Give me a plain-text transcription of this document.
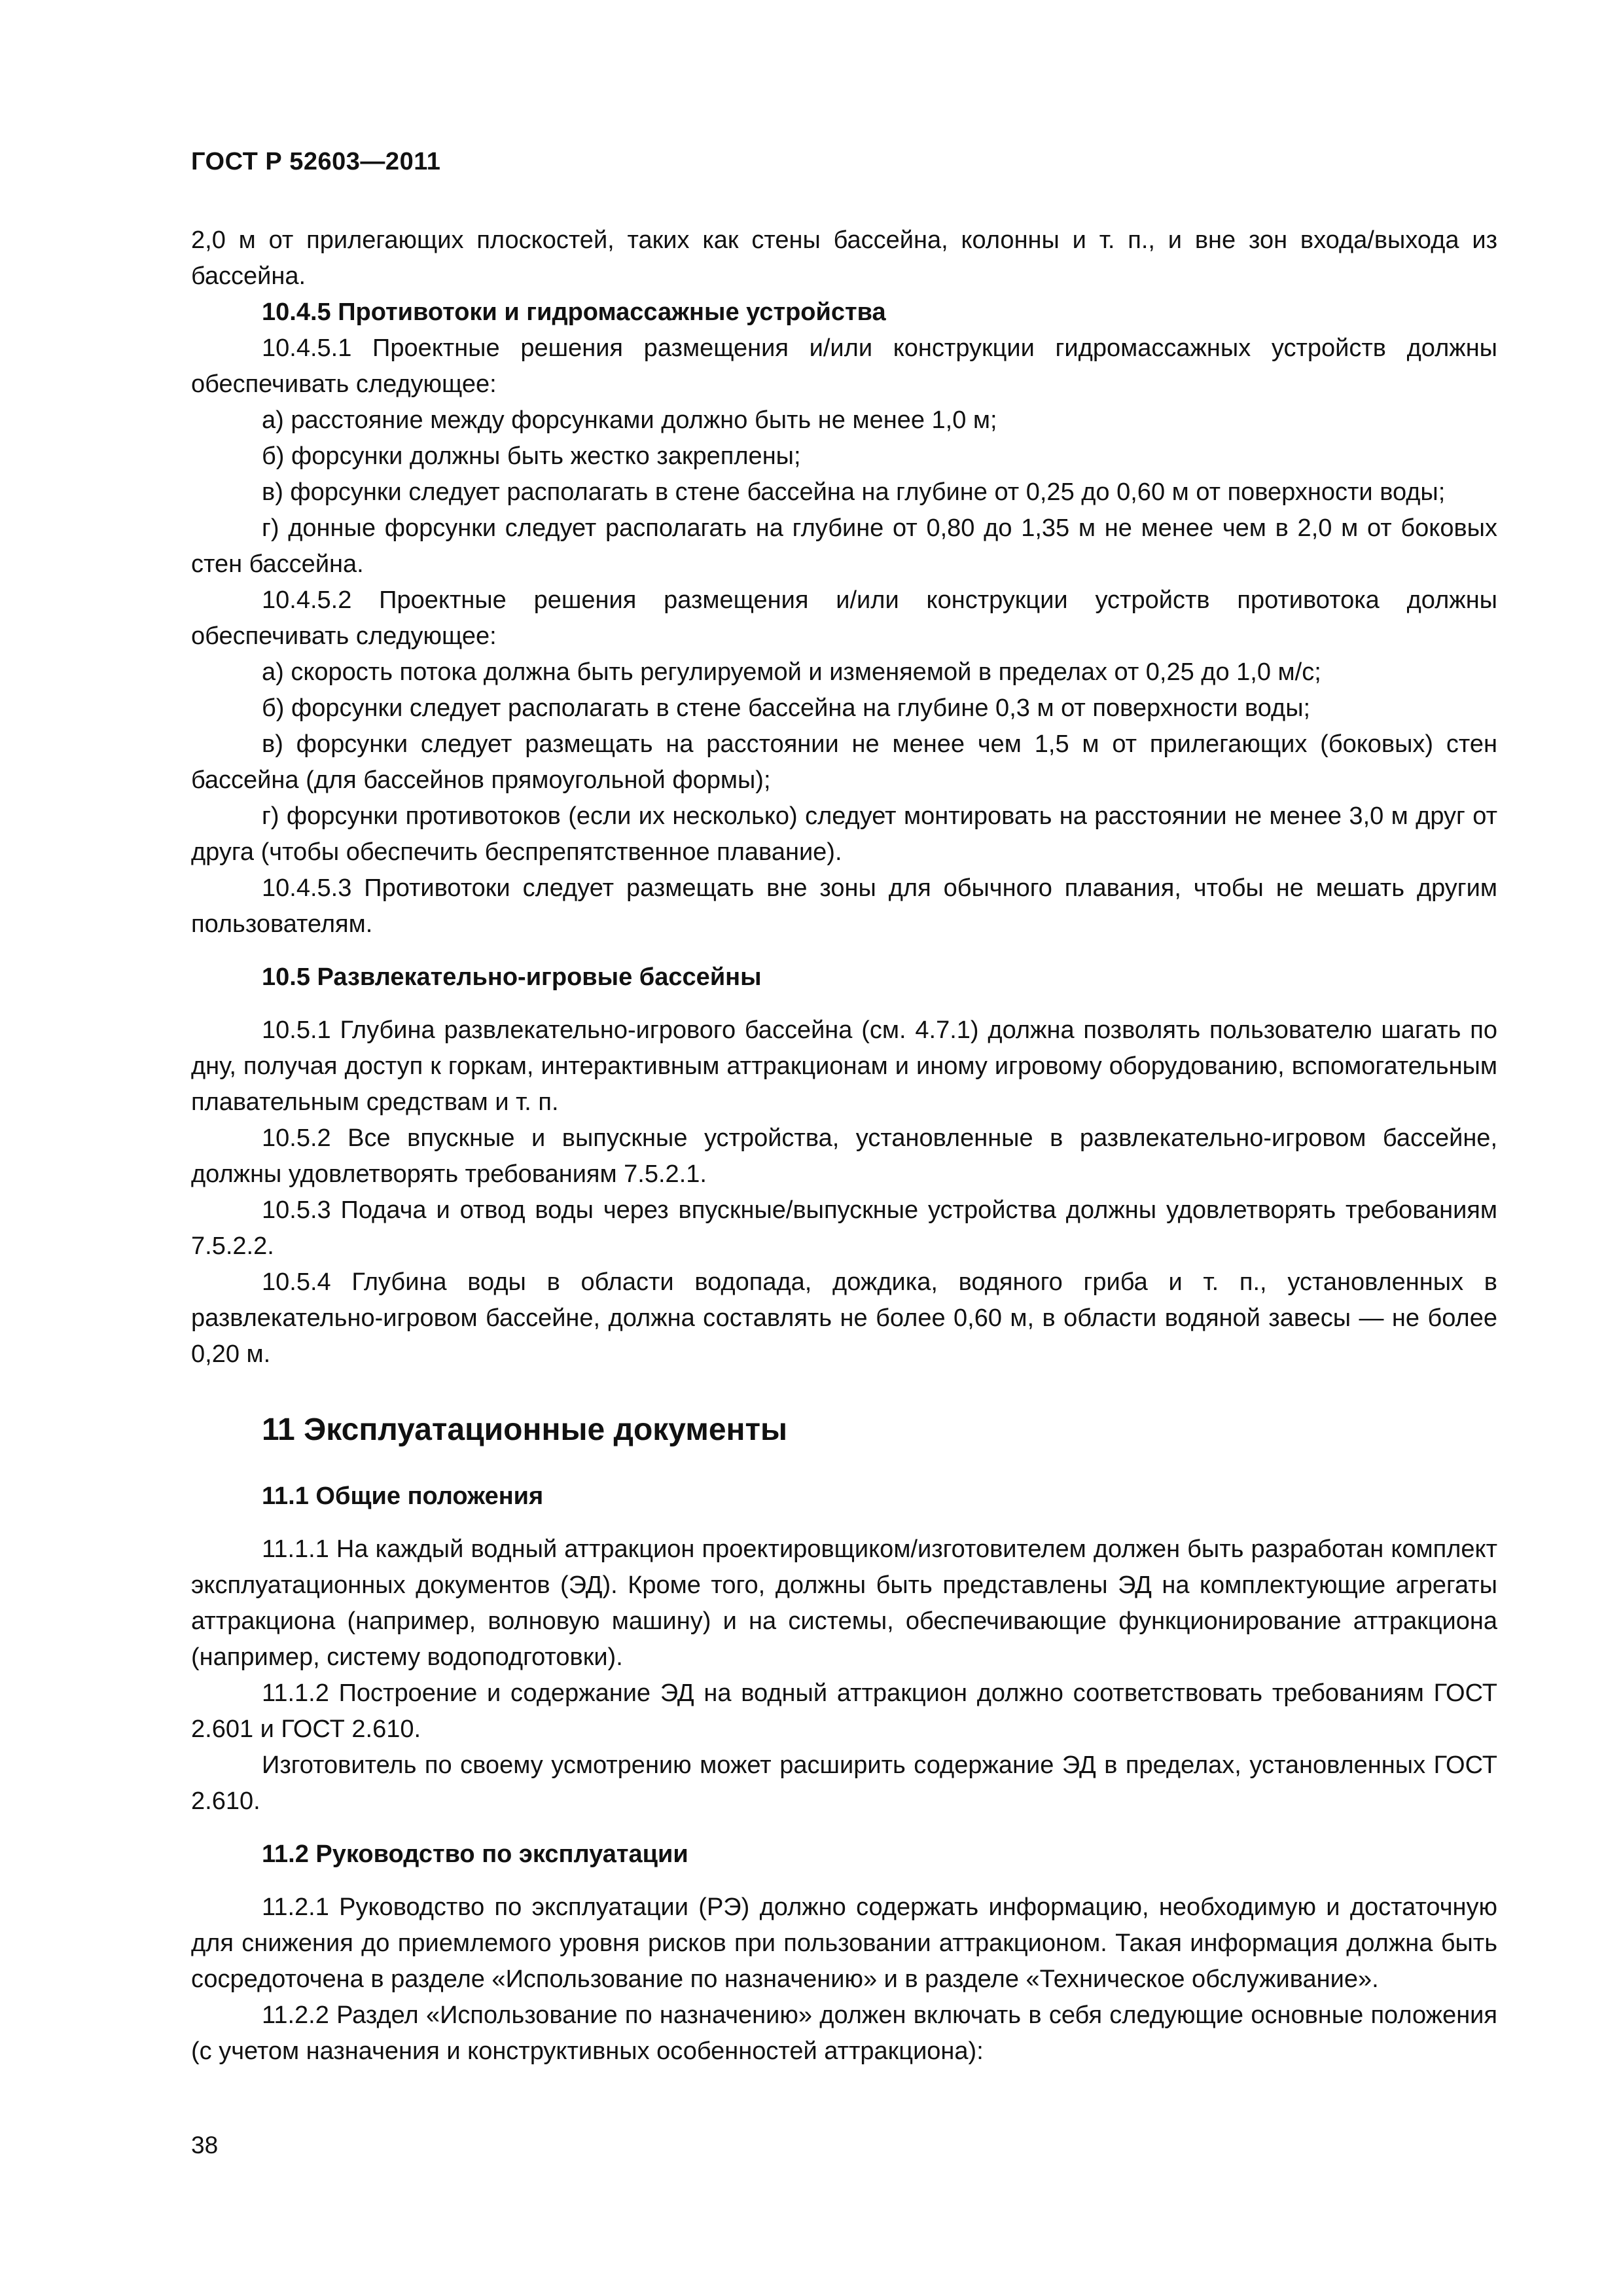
ГОСТ Р 52603—2011

2,0 м от прилегающих плоскостей, таких как стены бассейна, колонны и т. п., и вне зон входа/выхода из бассейна.

10.4.5 Противотоки и гидромассажные устройства

10.4.5.1 Проектные решения размещения и/или конструкции гидромассажных устройств должны обеспечивать следующее:

а) расстояние между форсунками должно быть не менее 1,0 м;

б) форсунки должны быть жестко закреплены;

в) форсунки следует располагать в стене бассейна на глубине от 0,25 до 0,60 м от поверхности воды;

г) донные форсунки следует располагать на глубине от 0,80 до 1,35 м не менее чем в 2,0 м от боковых стен бассейна.

10.4.5.2 Проектные решения размещения и/или конструкции устройств противотока должны обеспечивать следующее:

а) скорость потока должна быть регулируемой и изменяемой в пределах от 0,25 до 1,0 м/с;

б) форсунки следует располагать в стене бассейна на глубине 0,3 м от поверхности воды;

в) форсунки следует размещать на расстоянии не менее чем 1,5 м от прилегающих (боковых) стен бассейна (для бассейнов прямоугольной формы);

г) форсунки противотоков (если их несколько) следует монтировать на расстоянии не менее 3,0 м друг от друга (чтобы обеспечить беспрепятственное плавание).

10.4.5.3 Противотоки следует размещать вне зоны для обычного плавания, чтобы не мешать другим пользователям.

10.5 Развлекательно-игровые бассейны

10.5.1 Глубина развлекательно-игрового бассейна (см. 4.7.1) должна позволять пользователю шагать по дну, получая доступ к горкам, интерактивным аттракционам и иному игровому оборудованию, вспомогательным плавательным средствам и т. п.

10.5.2 Все впускные и выпускные устройства, установленные в развлекательно-игровом бассейне, должны удовлетворять требованиям 7.5.2.1.

10.5.3 Подача и отвод воды через впускные/выпускные устройства должны удовлетворять требованиям 7.5.2.2.

10.5.4 Глубина воды в области водопада, дождика, водяного гриба и т. п., установленных в развлекательно-игровом бассейне, должна составлять не более 0,60 м, в области водяной завесы — не более 0,20 м.

11 Эксплуатационные документы

11.1 Общие положения

11.1.1 На каждый водный аттракцион проектировщиком/изготовителем должен быть разработан комплект эксплуатационных документов (ЭД). Кроме того, должны быть представлены ЭД на комплектующие агрегаты аттракциона (например, волновую машину) и на системы, обеспечивающие функционирование аттракциона (например, систему водоподготовки).

11.1.2 Построение и содержание ЭД на водный аттракцион должно соответствовать требованиям ГОСТ 2.601 и ГОСТ 2.610.

Изготовитель по своему усмотрению может расширить содержание ЭД в пределах, установленных ГОСТ 2.610.

11.2 Руководство по эксплуатации

11.2.1 Руководство по эксплуатации (РЭ) должно содержать информацию, необходимую и достаточную для снижения до приемлемого уровня рисков при пользовании аттракционом. Такая информация должна быть сосредоточена в разделе «Использование по назначению» и в разделе «Техническое обслуживание».

11.2.2 Раздел «Использование по назначению» должен включать в себя следующие основные положения (с учетом назначения и конструктивных особенностей аттракциона):

38
